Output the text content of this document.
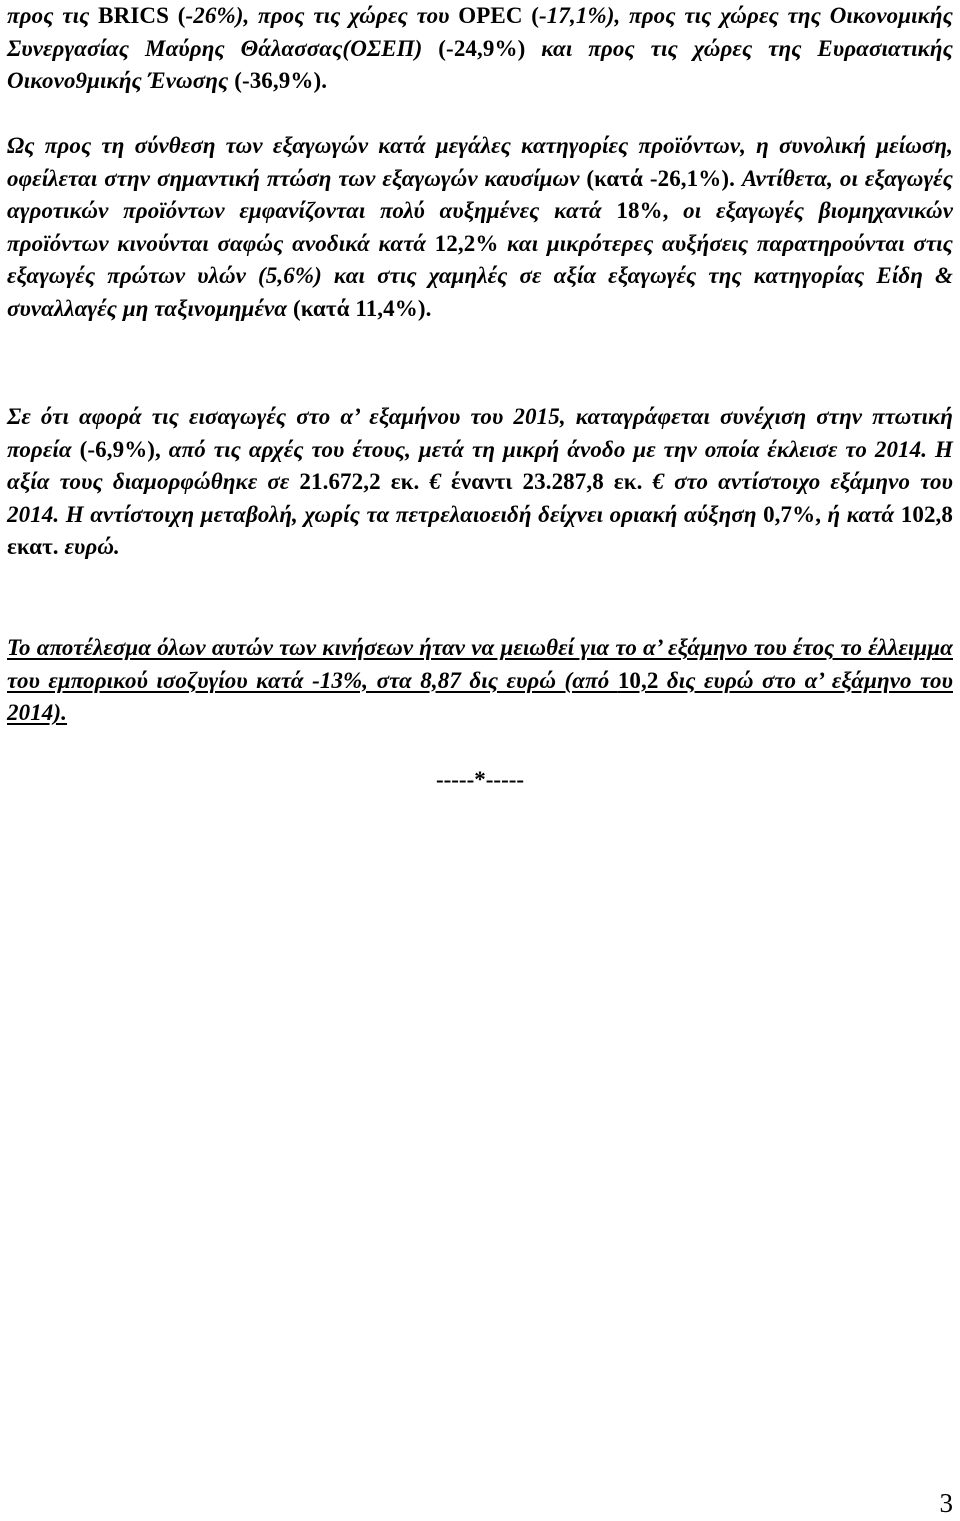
προς τις BRICS (-26%), προς τις χώρες του OPEC (-17,1%), προς τις χώρες της Οικονομικής Συνεργασίας Μαύρης Θάλασσας(ΟΣΕΠ) (-24,9%) και προς τις χώρες της Ευρασιατικής Οικονο9μικής Ένωσης (-36,9%).

Ως προς τη σύνθεση των εξαγωγών κατά μεγάλες κατηγορίες προϊόντων, η συνολική μείωση, οφείλεται στην σημαντική πτώση των εξαγωγών καυσίμων (κατά -26,1%). Αντίθετα, οι εξαγωγές αγροτικών προϊόντων εμφανίζονται πολύ αυξημένες κατά 18%, οι εξαγωγές βιομηχανικών προϊόντων κινούνται σαφώς ανοδικά κατά 12,2% και μικρότερες αυξήσεις παρατηρούνται στις εξαγωγές πρώτων υλών (5,6%) και στις χαμηλές σε αξία εξαγωγές της κατηγορίας Είδη & συναλλαγές μη ταξινομημένα (κατά 11,4%).

Σε ότι αφορά τις εισαγωγές στο α’ εξαμήνου του 2015, καταγράφεται συνέχιση στην πτωτική πορεία (-6,9%), από τις αρχές του έτους, μετά τη μικρή άνοδο με την οποία έκλεισε το 2014. Η αξία τους διαμορφώθηκε σε 21.672,2 εκ. € έναντι 23.287,8 εκ. € στο αντίστοιχο εξάμηνο του 2014. Η αντίστοιχη μεταβολή, χωρίς τα πετρελαιοειδή δείχνει οριακή αύξηση 0,7%, ή κατά 102,8 εκατ. ευρώ.

Το αποτέλεσμα όλων αυτών των κινήσεων ήταν να μειωθεί για το α’ εξάμηνο του έτος το έλλειμμα του εμπορικού ισοζυγίου κατά -13%, στα 8,87 δις ευρώ (από 10,2 δις ευρώ στο α’ εξάμηνο του 2014).

-----*-----
3
